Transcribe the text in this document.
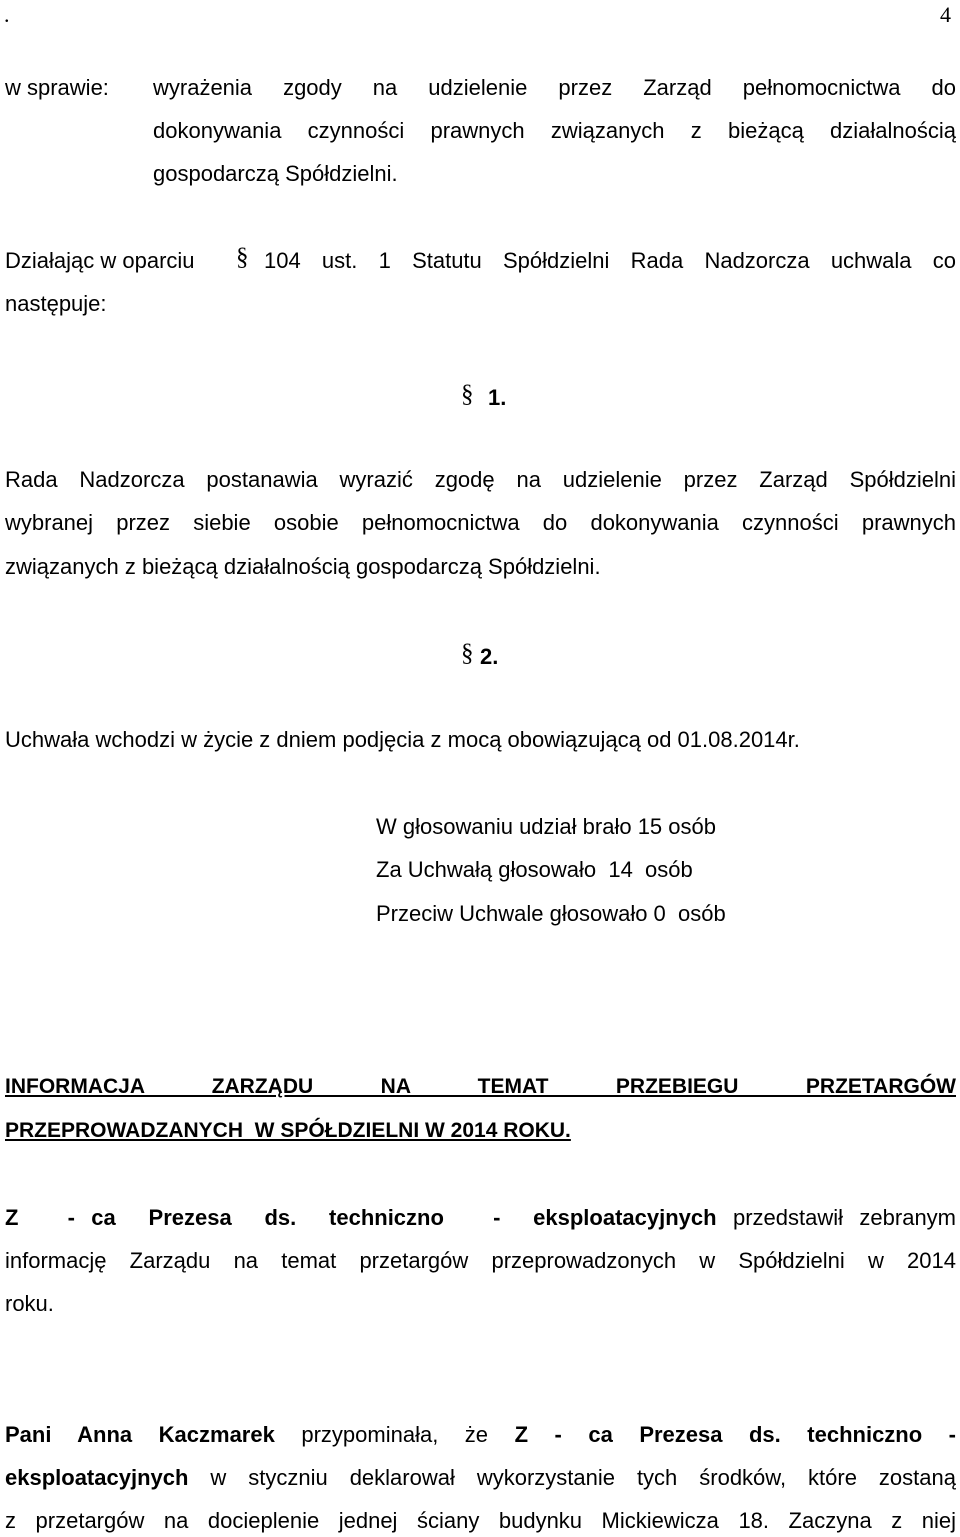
.	4
w sprawie: wyrażenia zgody na udzielenie przez Zarząd pełnomocnictwa do
dokonywania czynności prawnych związanych z bieżącą działalnością
gospodarczą Spółdzielni.
Działając w oparciu § 104 ust. 1 Statutu Spółdzielni Rada Nadzorcza uchwala co
następuje:
§ 1.
Rada Nadzorcza postanawia wyrazić zgodę na udzielenie przez Zarząd Spółdzielni
wybranej przez siebie osobie pełnomocnictwa do dokonywania czynności prawnych
związanych z bieżącą działalnością gospodarczą Spółdzielni.
§ 2.
Uchwała wchodzi w życie z dniem podjęcia z mocą obowiązującą od 01.08.2014r.
W głosowaniu udział brało 15 osób
Za Uchwałą głosowało  14  osób
Przeciw Uchwale głosowało 0  osób
INFORMACJA ZARZĄDU NA TEMAT PRZEBIEGU PRZETARGÓW
PRZEPROWADZANYCH  W SPÓŁDZIELNI W 2014 ROKU.
Z   - ca  Prezesa  ds.  techniczno   -  eksploatacyjnych przedstawił zebranym
informację Zarządu na temat przetargów przeprowadzonych w Spółdzielni w 2014
roku.
Pani Anna Kaczmarek przypominała, że Z - ca Prezesa ds. techniczno -
eksploatacyjnych w styczniu deklarował wykorzystanie tych środków, które zostaną
z przetargów na docieplenie jednej ściany budynku Mickiewicza 18. Zaczyna z niej
